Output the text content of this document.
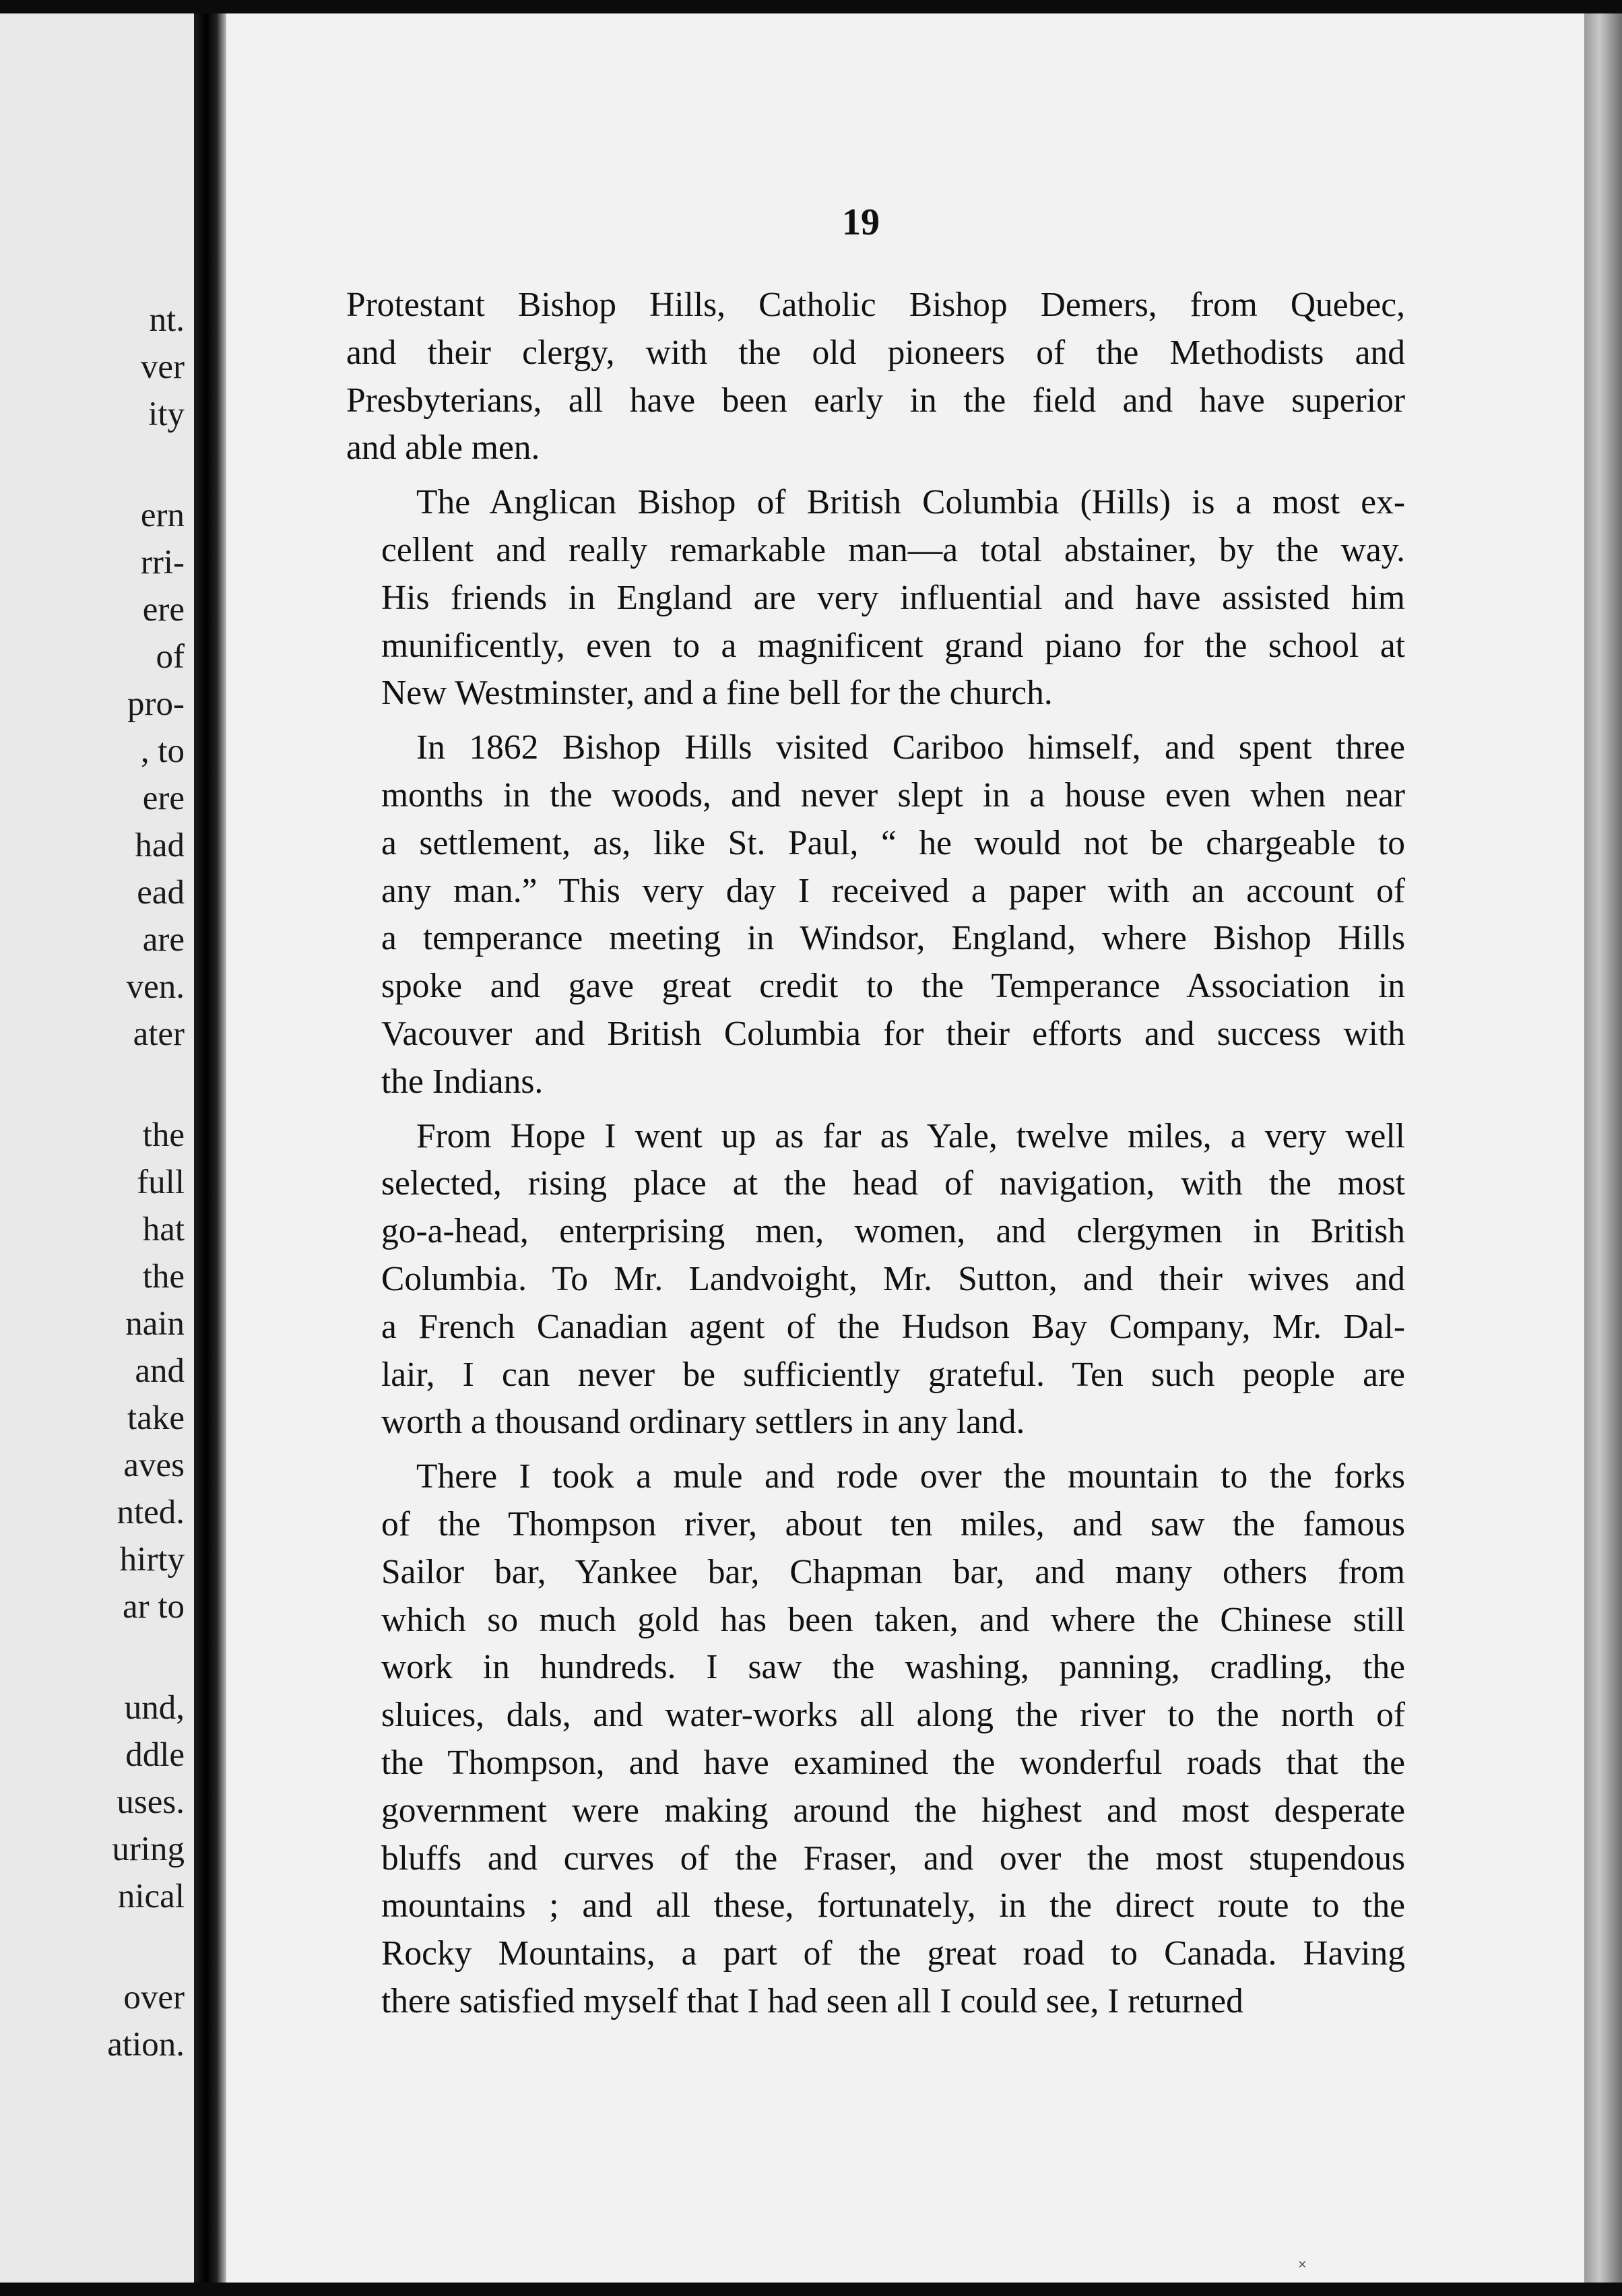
nt.
ver
ity
ern
rri-
ere
of
pro-
, to
ere
had
ead
are
ven.
ater
the
full
hat
the
nain
and
take
aves
nted.
hirty
ar to
und,
ddle
uses.
uring
nical
over
ation.
19
Protestant Bishop Hills, Catholic Bishop Demers, from Quebec,
and their clergy, with the old pioneers of the Methodists and
Presbyterians, all have been early in the field and have superior
and able men.
The Anglican Bishop of British Columbia (Hills) is a most ex-
cellent and really remarkable man—a total abstainer, by the way.
His friends in England are very influential and have assisted him
munificently, even to a magnificent grand piano for the school at
New Westminster, and a fine bell for the church.
In 1862 Bishop Hills visited Cariboo himself, and spent three
months in the woods, and never slept in a house even when near
a settlement, as, like St. Paul, “ he would not be chargeable to
any man.” This very day I received a paper with an account of
a temperance meeting in Windsor, England, where Bishop Hills
spoke and gave great credit to the Temperance Association in
Vacouver and British Columbia for their efforts and success with
the Indians.
From Hope I went up as far as Yale, twelve miles, a very well
selected, rising place at the head of navigation, with the most
go-a-head, enterprising men, women, and clergymen in British
Columbia. To Mr. Landvoight, Mr. Sutton, and their wives and
a French Canadian agent of the Hudson Bay Company, Mr. Dal-
lair, I can never be sufficiently grateful. Ten such people are
worth a thousand ordinary settlers in any land.
There I took a mule and rode over the mountain to the forks
of the Thompson river, about ten miles, and saw the famous
Sailor bar, Yankee bar, Chapman bar, and many others from
which so much gold has been taken, and where the Chinese still
work in hundreds. I saw the washing, panning, cradling, the
sluices, dals, and water-works all along the river to the north of
the Thompson, and have examined the wonderful roads that the
government were making around the highest and most desperate
bluffs and curves of the Fraser, and over the most stupendous
mountains ; and all these, fortunately, in the direct route to the
Rocky Mountains, a part of the great road to Canada. Having
there satisfied myself that I had seen all I could see, I returned
˟
